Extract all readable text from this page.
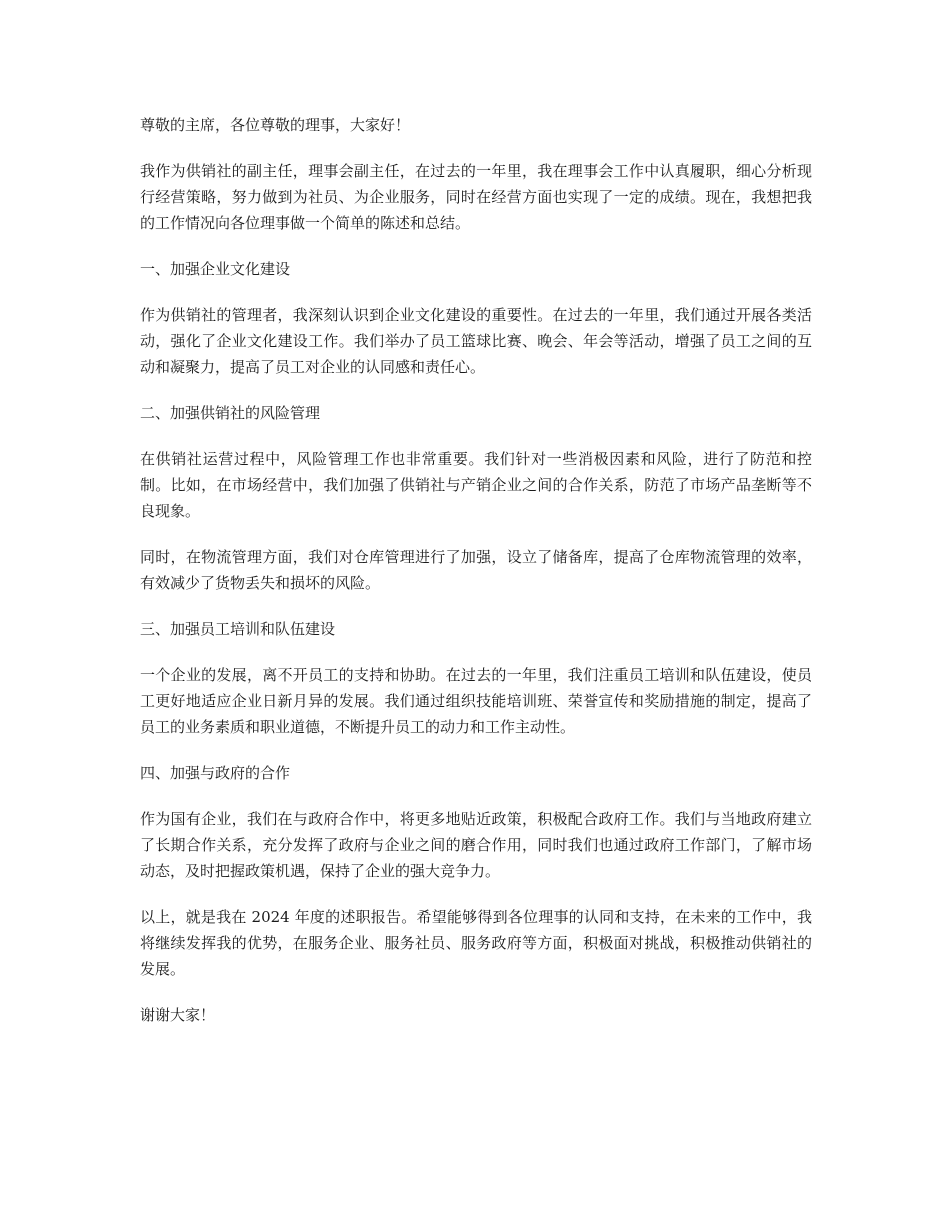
尊敬的主席，各位尊敬的理事，大家好！

我作为供销社的副主任，理事会副主任，在过去的一年里，我在理事会工作中认真履职，细心分析现行经营策略，努力做到为社员、为企业服务，同时在经营方面也实现了一定的成绩。现在，我想把我的工作情况向各位理事做一个简单的陈述和总结。

一、加强企业文化建设

作为供销社的管理者，我深刻认识到企业文化建设的重要性。在过去的一年里，我们通过开展各类活动，强化了企业文化建设工作。我们举办了员工篮球比赛、晚会、年会等活动，增强了员工之间的互动和凝聚力，提高了员工对企业的认同感和责任心。

二、加强供销社的风险管理

在供销社运营过程中，风险管理工作也非常重要。我们针对一些消极因素和风险，进行了防范和控制。比如，在市场经营中，我们加强了供销社与产销企业之间的合作关系，防范了市场产品垄断等不良现象。

同时，在物流管理方面，我们对仓库管理进行了加强，设立了储备库，提高了仓库物流管理的效率，有效减少了货物丢失和损坏的风险。

三、加强员工培训和队伍建设

一个企业的发展，离不开员工的支持和协助。在过去的一年里，我们注重员工培训和队伍建设，使员工更好地适应企业日新月异的发展。我们通过组织技能培训班、荣誉宣传和奖励措施的制定，提高了员工的业务素质和职业道德，不断提升员工的动力和工作主动性。

四、加强与政府的合作

作为国有企业，我们在与政府合作中，将更多地贴近政策，积极配合政府工作。我们与当地政府建立了长期合作关系，充分发挥了政府与企业之间的磨合作用，同时我们也通过政府工作部门，了解市场动态，及时把握政策机遇，保持了企业的强大竞争力。

以上，就是我在 2024 年度的述职报告。希望能够得到各位理事的认同和支持，在未来的工作中，我将继续发挥我的优势，在服务企业、服务社员、服务政府等方面，积极面对挑战，积极推动供销社的发展。

谢谢大家！
